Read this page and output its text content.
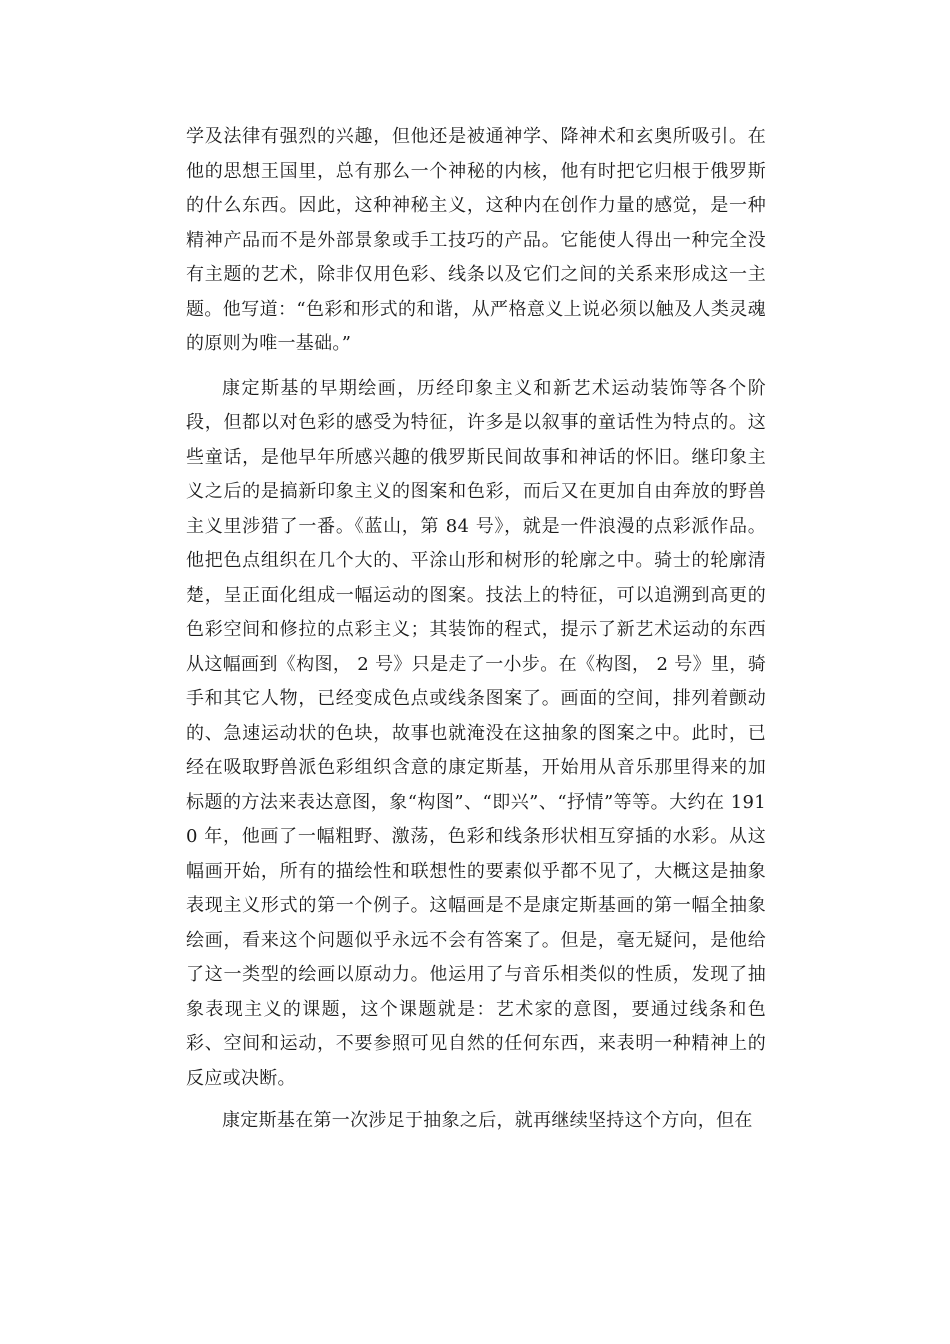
学及法律有强烈的兴趣，但他还是被通神学、降神术和玄奥所吸引。在他的思想王国里，总有那么一个神秘的内核，他有时把它归根于俄罗斯的什么东西。因此，这种神秘主义，这种内在创作力量的感觉，是一种精神产品而不是外部景象或手工技巧的产品。它能使人得出一种完全没有主题的艺术，除非仅用色彩、线条以及它们之间的关系来形成这一主题。他写道：“色彩和形式的和谐，从严格意义上说必须以触及人类灵魂的原则为唯一基础。”

康定斯基的早期绘画，历经印象主义和新艺术运动装饰等各个阶段，但都以对色彩的感受为特征，许多是以叙事的童话性为特点的。这些童话，是他早年所感兴趣的俄罗斯民间故事和神话的怀旧。继印象主义之后的是搞新印象主义的图案和色彩，而后又在更加自由奔放的野兽主义里涉猎了一番。《蓝山，第 84 号》，就是一件浪漫的点彩派作品。他把色点组织在几个大的、平涂山形和树形的轮廓之中。骑士的轮廓清楚，呈正面化组成一幅运动的图案。技法上的特征，可以追溯到高更的色彩空间和修拉的点彩主义；其装饰的程式，提示了新艺术运动的东西从这幅画到《构图， 2 号》只是走了一小步。在《构图， 2 号》里，骑手和其它人物，已经变成色点或线条图案了。画面的空间，排列着颤动的、急速运动状的色块，故事也就淹没在这抽象的图案之中。此时，已经在吸取野兽派色彩组织含意的康定斯基，开始用从音乐那里得来的加标题的方法来表达意图，象“构图”、“即兴”、“抒情”等等。大约在 1910 年，他画了一幅粗野、激荡，色彩和线条形状相互穿插的水彩。从这幅画开始，所有的描绘性和联想性的要素似乎都不见了，大概这是抽象表现主义形式的第一个例子。这幅画是不是康定斯基画的第一幅全抽象绘画，看来这个问题似乎永远不会有答案了。但是，毫无疑问，是他给了这一类型的绘画以原动力。他运用了与音乐相类似的性质，发现了抽象表现主义的课题，这个课题就是：艺术家的意图，要通过线条和色彩、空间和运动，不要参照可见自然的任何东西，来表明一种精神上的反应或决断。

康定斯基在第一次涉足于抽象之后，就再继续坚持这个方向，但在
